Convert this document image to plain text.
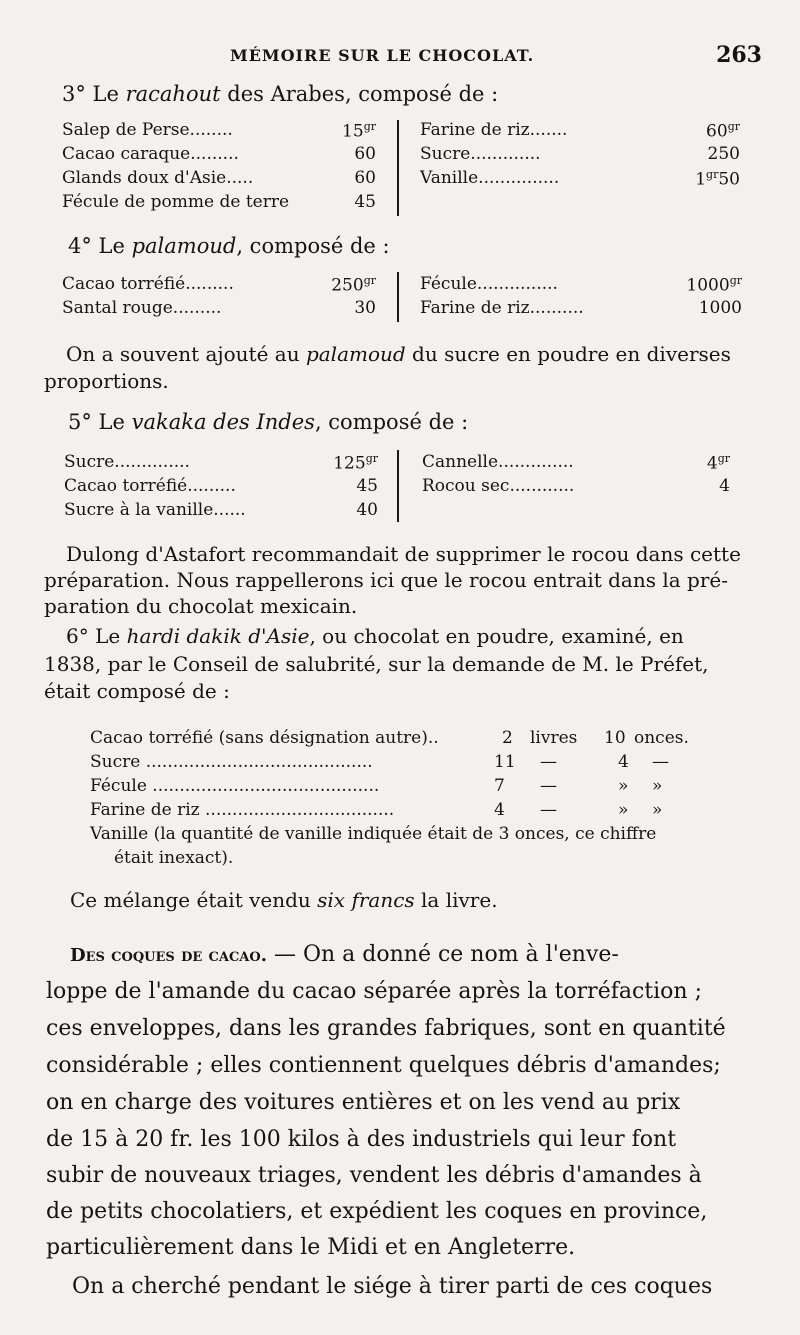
MÉMOIRE SUR LE CHOCOLAT.	263
3° Le racahout des Arabes, composé de :
Salep de Perse........	$15^{gr}$
Cacao caraque.........	60
Glands doux d'Asie.....	60
Fécule de pomme de terre	45
Farine de riz.......	$60^{gr}$
Sucre.............	250
Vanille...............	$1^{gr}50$
4° Le palamoud, composé de :
Cacao torréfié.........	$250^{gr}$
Santal rouge.........	30
Fécule...............	$1000^{gr}$
Farine de riz..........	1000
On a souvent ajouté au palamoud du sucre en poudre en diverses
proportions.
5° Le vakaka des Indes, composé de :
Sucre..............	$125^{gr}$
Cacao torréfié.........	45
Sucre à la vanille......	40
Cannelle..............	$4^{gr}$
Rocou sec............	4
Dulong d'Astafort recommandait de supprimer le rocou dans cette
préparation. Nous rappellerons ici que le rocou entrait dans la pré-
paration du chocolat mexicain.
6° Le hardi dakik d'Asie, ou chocolat en poudre, examiné, en
1838, par le Conseil de salubrité, sur la demande de M. le Préfet,
était composé de :
Cacao torréfié (sans désignation autre)..	2 livres 10 onces.
Sucre ..........................................	11 —	4 —
Fécule ..........................................	7 —	» »
Farine de riz ...................................	4 —	» »
Vanille (la quantité de vanille indiquée était de 3 onces, ce chiffre
était inexact).
Ce mélange était vendu six francs la livre.
Des coques de cacao. — On a donné ce nom à l'enve-
loppe de l'amande du cacao séparée après la torréfaction ;
ces enveloppes, dans les grandes fabriques, sont en quantité
considérable ; elles contiennent quelques débris d'amandes;
on en charge des voitures entières et on les vend au prix
de 15 à 20 fr. les 100 kilos à des industriels qui leur font
subir de nouveaux triages, vendent les débris d'amandes à
de petits chocolatiers, et expédient les coques en province,
particulièrement dans le Midi et en Angleterre.
On a cherché pendant le siége à tirer parti de ces coques
